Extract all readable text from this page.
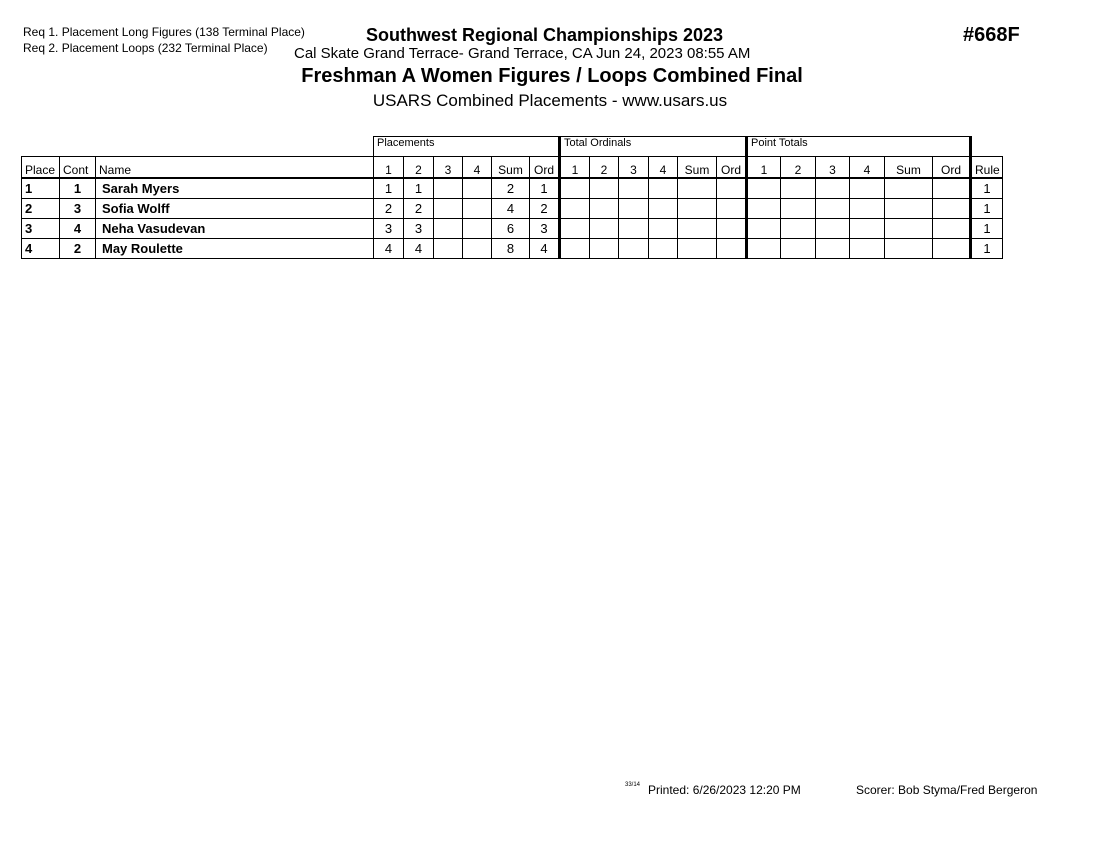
Req 1. Placement Long Figures (138 Terminal Place)
Req 2. Placement Loops (232 Terminal Place)
Southwest Regional Championships 2023	#668F
Cal Skate Grand Terrace- Grand Terrace, CA Jun 24, 2023 08:55 AM
Freshman A Women Figures / Loops Combined Final
USARS Combined Placements - www.usars.us
			Placements						Total Ordinals						Point Totals						
Place	Cont	Name	1	2	3	4	Sum	Ord	1	2	3	4	Sum	Ord	1	2	3	4	Sum	Ord	Rule
1	1	Sarah Myers	1	1			2	1													1
2	3	Sofia Wolff	2	2			4	2													1
3	4	Neha Vasudevan	3	3			6	3													1
4	2	May Roulette	4	4			8	4													1
33/14 Printed: 6/26/2023 12:20 PM	Scorer: Bob Styma/Fred Bergeron
